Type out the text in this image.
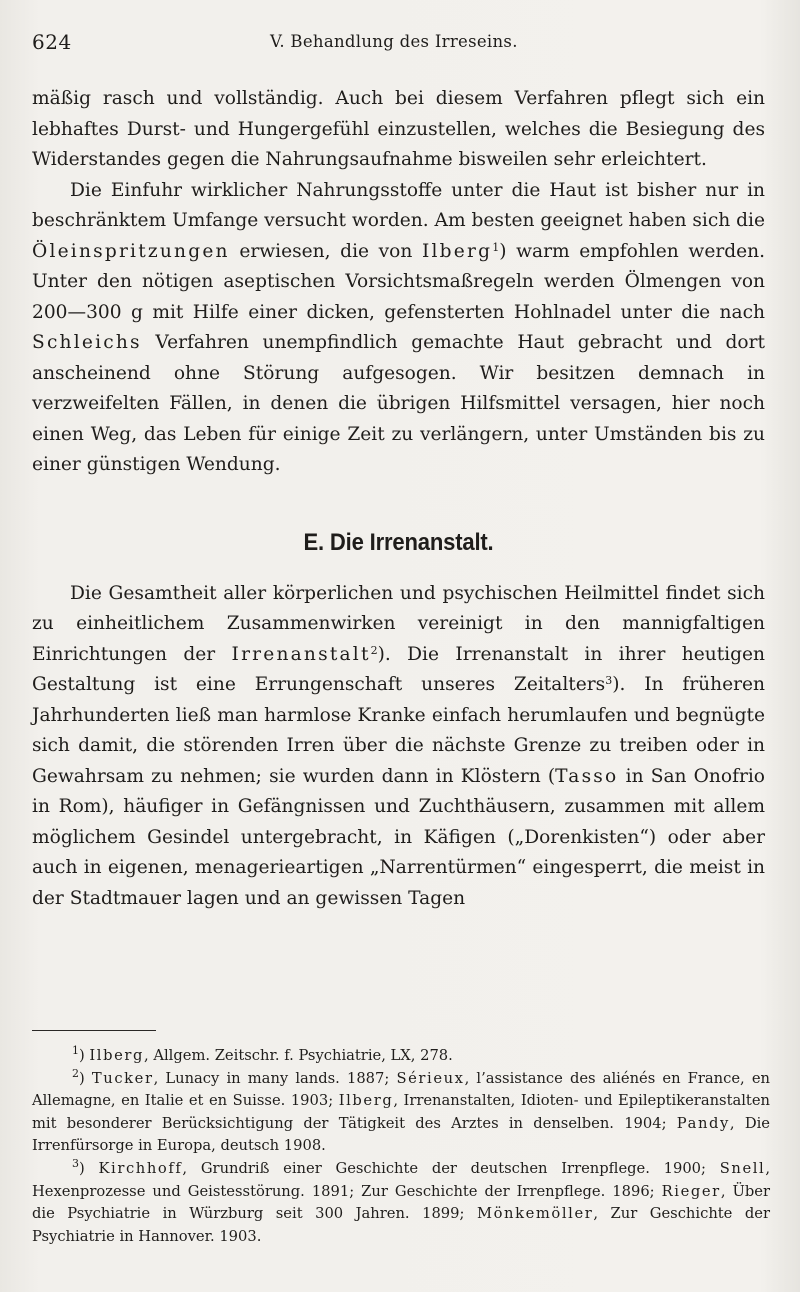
624	V. Behandlung des Irreseins.

mäßig rasch und vollständig. Auch bei diesem Verfahren pflegt sich ein lebhaftes Durst- und Hungergefühl einzustellen, welches die Besiegung des Widerstandes gegen die Nahrungsaufnahme bisweilen sehr erleichtert.

Die Einfuhr wirklicher Nahrungsstoffe unter die Haut ist bisher nur in beschränktem Umfange versucht worden. Am besten geeignet haben sich die Öleinspritzungen erwiesen, die von Ilberg$^1$) warm empfohlen werden. Unter den nötigen aseptischen Vorsichtsmaßregeln werden Ölmengen von 200—300 g mit Hilfe einer dicken, gefensterten Hohlnadel unter die nach Schleichs Verfahren unempfindlich gemachte Haut gebracht und dort anscheinend ohne Störung aufgesogen. Wir besitzen demnach in verzweifelten Fällen, in denen die übrigen Hilfsmittel versagen, hier noch einen Weg, das Leben für einige Zeit zu verlängern, unter Umständen bis zu einer günstigen Wendung.

E. Die Irrenanstalt.

Die Gesamtheit aller körperlichen und psychischen Heilmittel findet sich zu einheitlichem Zusammenwirken vereinigt in den mannigfaltigen Einrichtungen der Irrenanstalt$^2$). Die Irrenanstalt in ihrer heutigen Gestaltung ist eine Errungenschaft unseres Zeitalters$^3$). In früheren Jahrhunderten ließ man harmlose Kranke einfach herumlaufen und begnügte sich damit, die störenden Irren über die nächste Grenze zu treiben oder in Gewahrsam zu nehmen; sie wurden dann in Klöstern (Tasso in San Onofrio in Rom), häufiger in Gefängnissen und Zuchthäusern, zusammen mit allem möglichem Gesindel untergebracht, in Käfigen („Dorenkisten“) oder aber auch in eigenen, menagerieartigen „Narrentürmen“ eingesperrt, die meist in der Stadtmauer lagen und an gewissen Tagen

$^1$) Ilberg, Allgem. Zeitschr. f. Psychiatrie, LX, 278.

$^2$) Tucker, Lunacy in many lands. 1887; Sérieux, l’assistance des aliénés en France, en Allemagne, en Italie et en Suisse. 1903; Ilberg, Irrenanstalten, Idioten- und Epileptikeranstalten mit besonderer Berücksichtigung der Tätigkeit des Arztes in denselben. 1904; Pandy, Die Irrenfürsorge in Europa, deutsch 1908.

$^3$) Kirchhoff, Grundriß einer Geschichte der deutschen Irrenpflege. 1900; Snell, Hexenprozesse und Geistesstörung. 1891; Zur Geschichte der Irrenpflege. 1896; Rieger, Über die Psychiatrie in Würzburg seit 300 Jahren. 1899; Mönkemöller, Zur Geschichte der Psychiatrie in Hannover. 1903.
